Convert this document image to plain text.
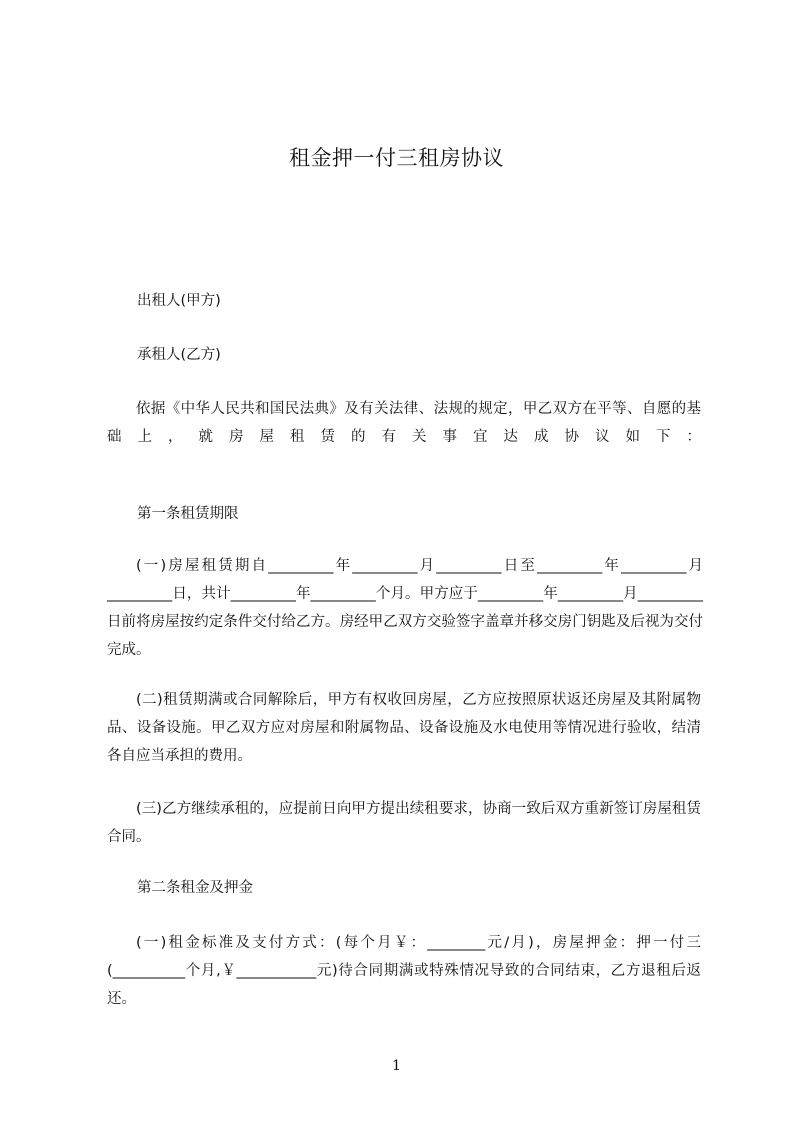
租金押一付三租房协议
出租人(甲方)
承租人(乙方)
依据《中华人民共和国民法典》及有关法律、法规的规定，甲乙双方在平等、自愿的基础上，就房屋租赁的有关事宜达成协议如下：
第一条租赁期限
(一)房屋租赁期自_________年_________月_________日至_________年_________月_________日，共计_________年_________个月。甲方应于_________年_________月_________日前将房屋按约定条件交付给乙方。房经甲乙双方交验签字盖章并移交房门钥匙及后视为交付完成。
(二)租赁期满或合同解除后，甲方有权收回房屋，乙方应按照原状返还房屋及其附属物品、设备设施。甲乙双方应对房屋和附属物品、设备设施及水电使用等情况进行验收，结清各自应当承担的费用。
(三)乙方继续承租的，应提前日向甲方提出续租要求，协商一致后双方重新签订房屋租赁合同。
第二条租金及押金
(一)租金标准及支付方式：(每个月￥：________元/月)，房屋押金：押一付三(__________个月,￥___________元)待合同期满或特殊情况导致的合同结束，乙方退租后返还。
1
